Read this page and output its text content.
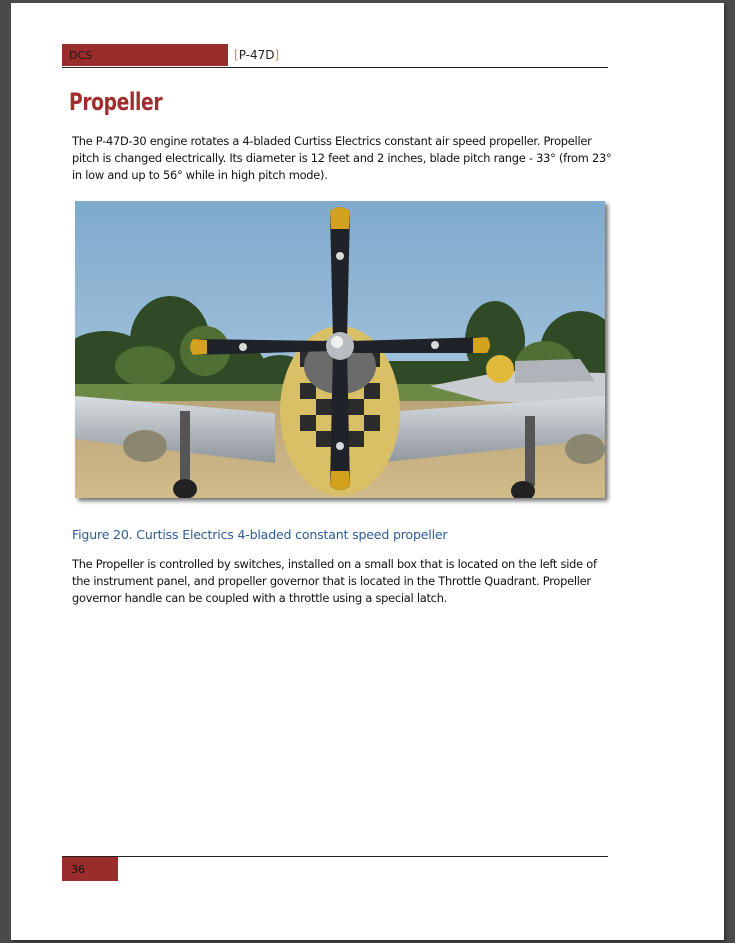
DCS	[P-47D]
Propeller

The P-47D-30 engine rotates a 4-bladed Curtiss Electrics constant air speed propeller. Propeller pitch is changed electrically. Its diameter is 12 feet and 2 inches, blade pitch range - 33° (from 23° in low and up to 56° while in high pitch mode).

Figure 20. Curtiss Electrics 4-bladed constant speed propeller

The Propeller is controlled by switches, installed on a small box that is located on the left side of the instrument panel, and propeller governor that is located in the Throttle Quadrant. Propeller governor handle can be coupled with a throttle using a special latch.

36
